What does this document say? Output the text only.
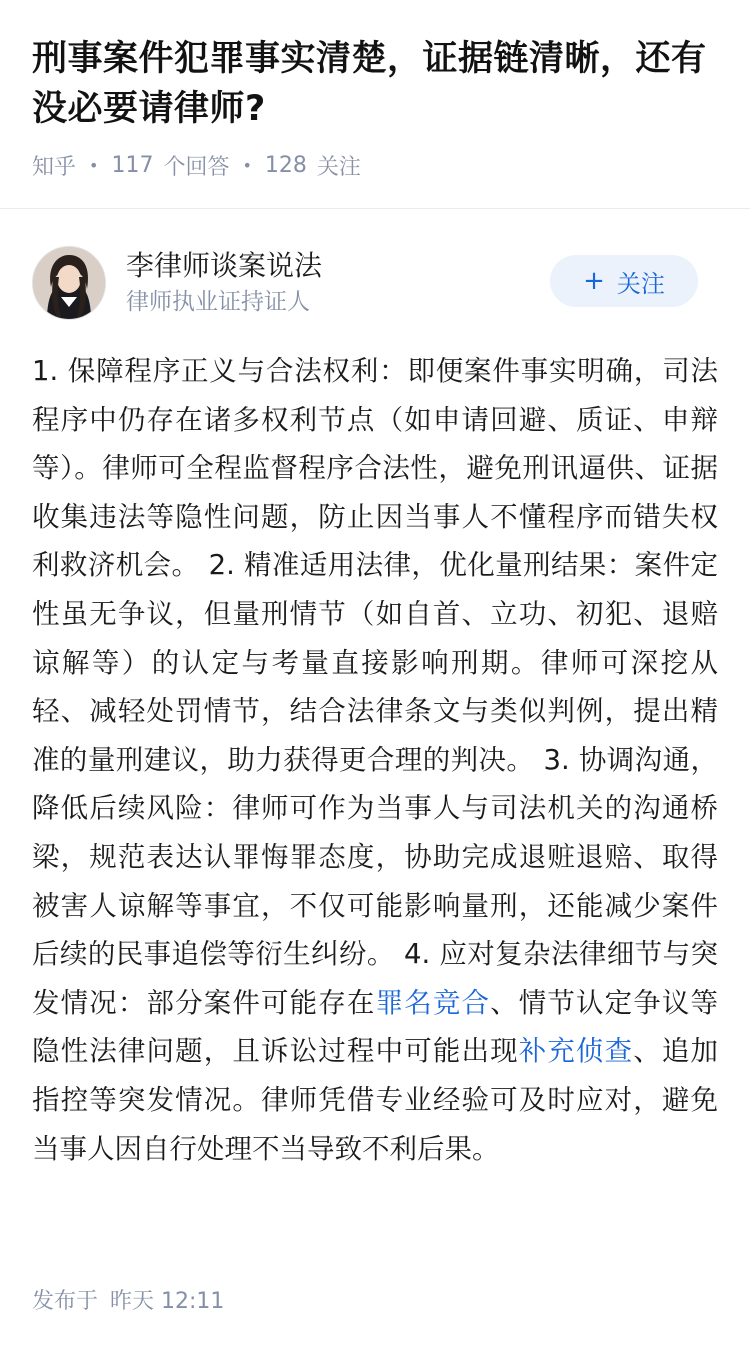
刑事案件犯罪事实清楚，证据链清晰，还有没必要请律师?
知乎 • 117 个回答 • 128 关注
李律师谈案说法
律师执业证持证人
+ 关注
1. 保障程序正义与合法权利：即便案件事实明确，司法程序中仍存在诸多权利节点（如申请回避、质证、申辩等）。律师可全程监督程序合法性，避免刑讯逼供、证据收集违法等隐性问题，防止因当事人不懂程序而错失权利救济机会。 2. 精准适用法律，优化量刑结果：案件定性虽无争议，但量刑情节（如自首、立功、初犯、退赔谅解等）的认定与考量直接影响刑期。律师可深挖从轻、减轻处罚情节，结合法律条文与类似判例，提出精准的量刑建议，助力获得更合理的判决。 3. 协调沟通，降低后续风险：律师可作为当事人与司法机关的沟通桥梁，规范表达认罪悔罪态度，协助完成退赃退赔、取得被害人谅解等事宜，不仅可能影响量刑，还能减少案件后续的民事追偿等衍生纠纷。 4. 应对复杂法律细节与突发情况：部分案件可能存在罪名竞合、情节认定争议等隐性法律问题，且诉讼过程中可能出现补充侦查、追加指控等突发情况。律师凭借专业经验可及时应对，避免当事人因自行处理不当导致不利后果。
发布于 昨天 12:11
